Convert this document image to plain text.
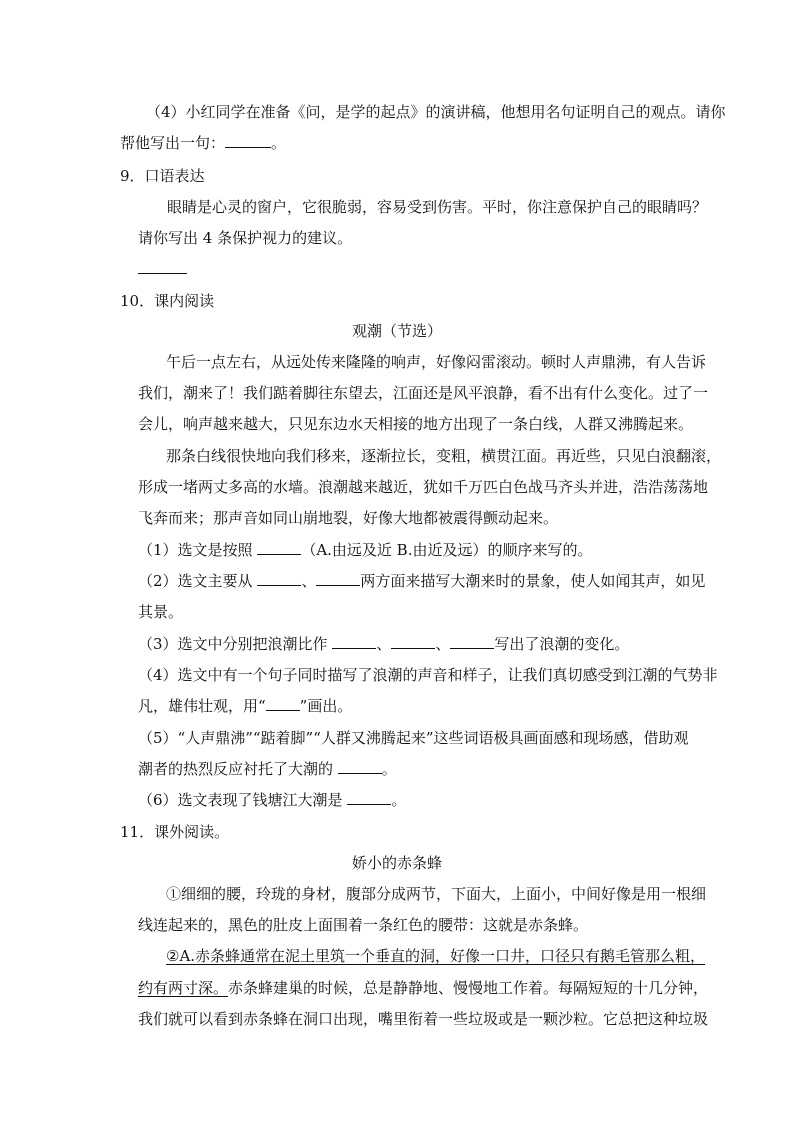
（4）小红同学在准备《问，是学的起点》的演讲稿，他想用名句证明自己的观点。请你
帮他写出一句：	。
9．口语表达
眼睛是心灵的窗户，它很脆弱，容易受到伤害。平时，你注意保护自己的眼睛吗？
请你写出 4 条保护视力的建议。
10．课内阅读
观潮（节选）
午后一点左右，从远处传来隆隆的响声，好像闷雷滚动。顿时人声鼎沸，有人告诉
我们，潮来了！我们踮着脚往东望去，江面还是风平浪静，看不出有什么变化。过了一
会儿，响声越来越大，只见东边水天相接的地方出现了一条白线，人群又沸腾起来。
那条白线很快地向我们移来，逐渐拉长，变粗，横贯江面。再近些，只见白浪翻滚，
形成一堵两丈多高的水墙。浪潮越来越近，犹如千万匹白色战马齐头并进，浩浩荡荡地
飞奔而来；那声音如同山崩地裂，好像大地都被震得颤动起来。
（1）选文是按照	（A.由远及近 B.由近及远）的顺序来写的。
（2）选文主要从	、	两方面来描写大潮来时的景象，使人如闻其声，如见
其景。
（3）选文中分别把浪潮比作	、	、	写出了浪潮的变化。
（4）选文中有一个句子同时描写了浪潮的声音和样子，让我们真切感受到江潮的气势非
凡，雄伟壮观，用“ ”画出。
（5）“人声鼎沸”“踮着脚”“人群又沸腾起来”这些词语极具画面感和现场感，借助观
潮者的热烈反应衬托了大潮的	。
（6）选文表现了钱塘江大潮是	。
11．课外阅读。
娇小的赤条蜂
①细细的腰，玲珑的身材，腹部分成两节，下面大，上面小，中间好像是用一根细
线连起来的，黑色的肚皮上面围着一条红色的腰带：这就是赤条蜂。
②A.赤条蜂通常在泥土里筑一个垂直的洞，好像一口井，口径只有鹅毛管那么粗，
约有两寸深。赤条蜂建巢的时候，总是静静地、慢慢地工作着。每隔短短的十几分钟，
我们就可以看到赤条蜂在洞口出现，嘴里衔着一些垃圾或是一颗沙粒。它总把这种垃圾
